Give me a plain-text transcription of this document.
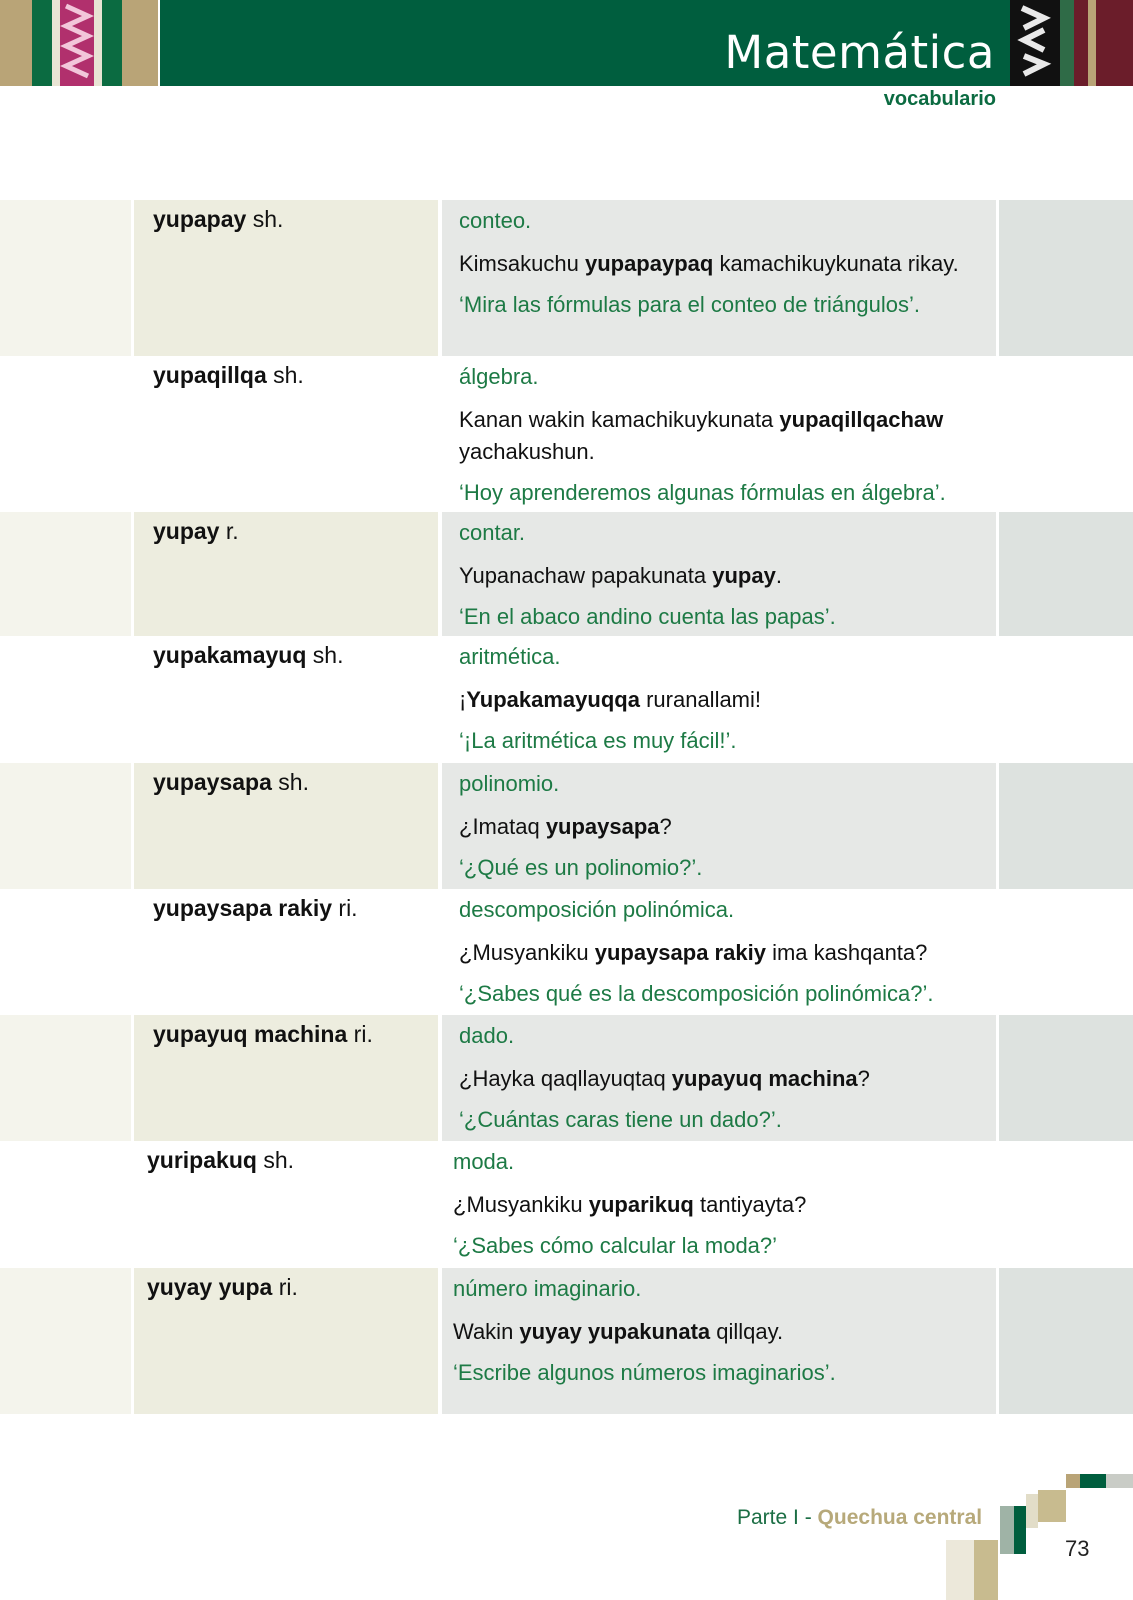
Matemática
vocabulario
yupapay sh.	conteo.
Kimsakuchu yupapaypaq kamachikuykunata rikay.
‘Mira las fórmulas para el conteo de triángulos’.
yupaqillqa sh.	álgebra.
Kanan wakin kamachikuykunata yupaqillqachaw yachakushun.
‘Hoy aprenderemos algunas fórmulas en álgebra’.
yupay r.	contar.
Yupanachaw papakunata yupay.
‘En el abaco andino cuenta las papas’.
yupakamayuq sh.	aritmética.
¡Yupakamayuqqa ruranallami!
‘¡La aritmética es muy fácil!’.
yupaysapa sh.	polinomio.
¿Imataq yupaysapa?
‘¿Qué es un polinomio?’.
yupaysapa rakiy ri.	descomposición polinómica.
¿Musyankiku yupaysapa rakiy ima kashqanta?
‘¿Sabes qué es la descomposición polinómica?’.
yupayuq machina ri.	dado.
¿Hayka qaqllayuqtaq yupayuq machina?
‘¿Cuántas caras tiene un dado?’.
yuripakuq sh.	moda.
¿Musyankiku yuparikuq tantiyayta?
‘¿Sabes cómo calcular la moda?’
yuyay yupa ri.	número imaginario.
Wakin yuyay yupakunata qillqay.
‘Escribe algunos números imaginarios’.
Parte I - Quechua central
73
